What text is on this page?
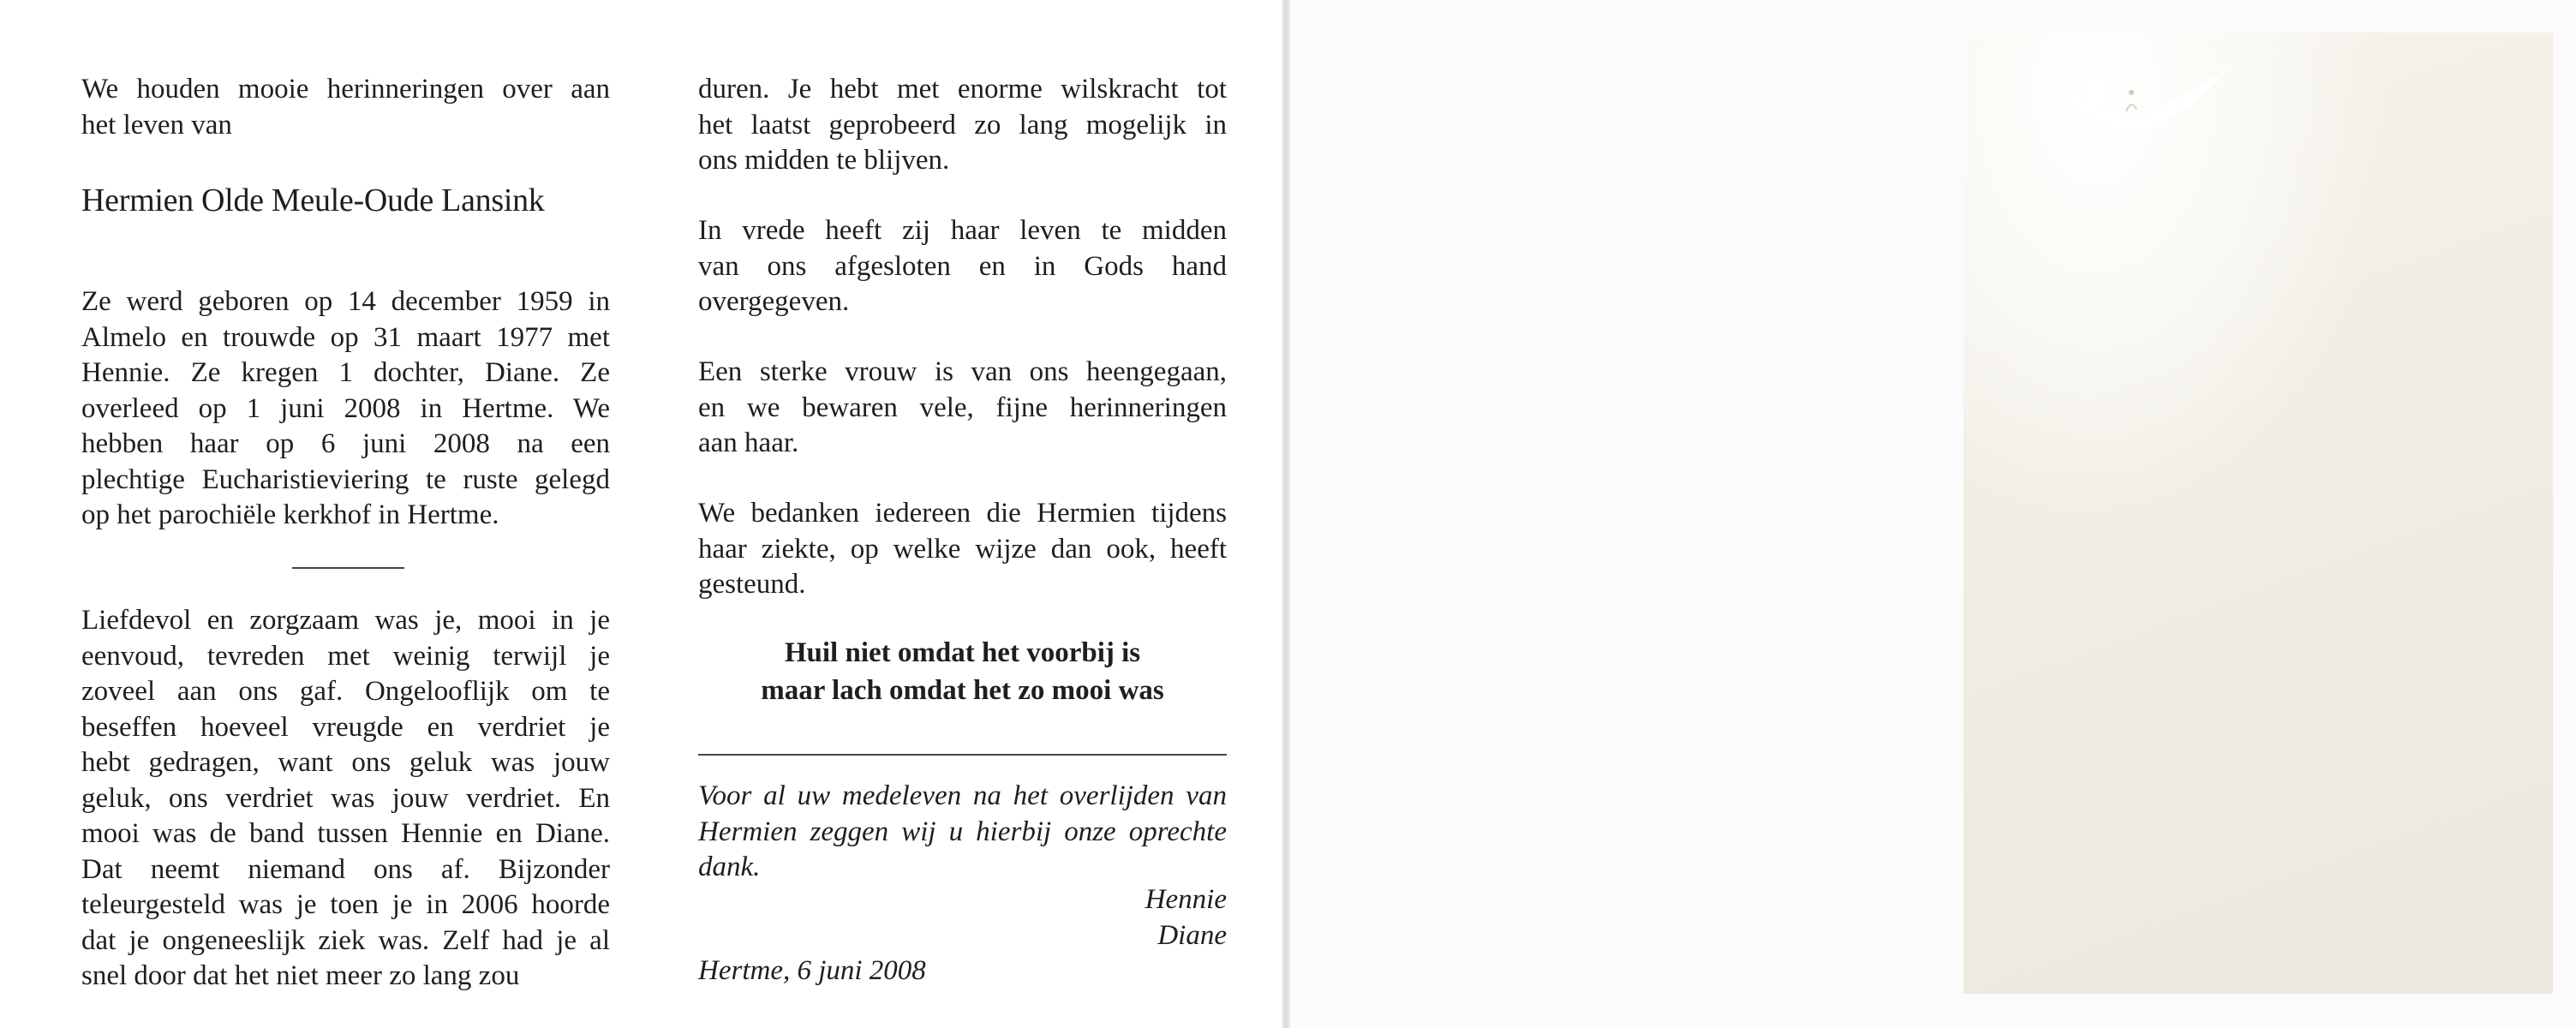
We houden mooie herinneringen over aan
het leven van
Hermien Olde Meule-Oude Lansink
Ze werd geboren op 14 december 1959 in
Almelo en trouwde op 31 maart 1977 met
Hennie. Ze kregen 1 dochter, Diane. Ze
overleed op 1 juni 2008 in Hertme. We
hebben haar op 6 juni 2008 na een
plechtige Eucharistieviering te ruste gelegd
op het parochiële kerkhof in Hertme.
Liefdevol en zorgzaam was je, mooi in je
eenvoud, tevreden met weinig terwijl je
zoveel aan ons gaf. Ongelooflijk om te
beseffen hoeveel vreugde en verdriet je
hebt gedragen, want ons geluk was jouw
geluk, ons verdriet was jouw verdriet. En
mooi was de band tussen Hennie en Diane.
Dat neemt niemand ons af. Bijzonder
teleurgesteld was je toen je in 2006 hoorde
dat je ongeneeslijk ziek was. Zelf had je al
snel door dat het niet meer zo lang zou
duren. Je hebt met enorme wilskracht tot
het laatst geprobeerd zo lang mogelijk in
ons midden te blijven.
In vrede heeft zij haar leven te midden
van ons afgesloten en in Gods hand
overgegeven.
Een sterke vrouw is van ons heengegaan,
en we bewaren vele, fijne herinneringen
aan haar.
We bedanken iedereen die Hermien tijdens
haar ziekte, op welke wijze dan ook, heeft
gesteund.
Huil niet omdat het voorbij is
maar lach omdat het zo mooi was
Voor al uw medeleven na het overlijden van
Hermien zeggen wij u hierbij onze oprechte
dank.
Hennie
Diane
Hertme, 6 juni 2008
